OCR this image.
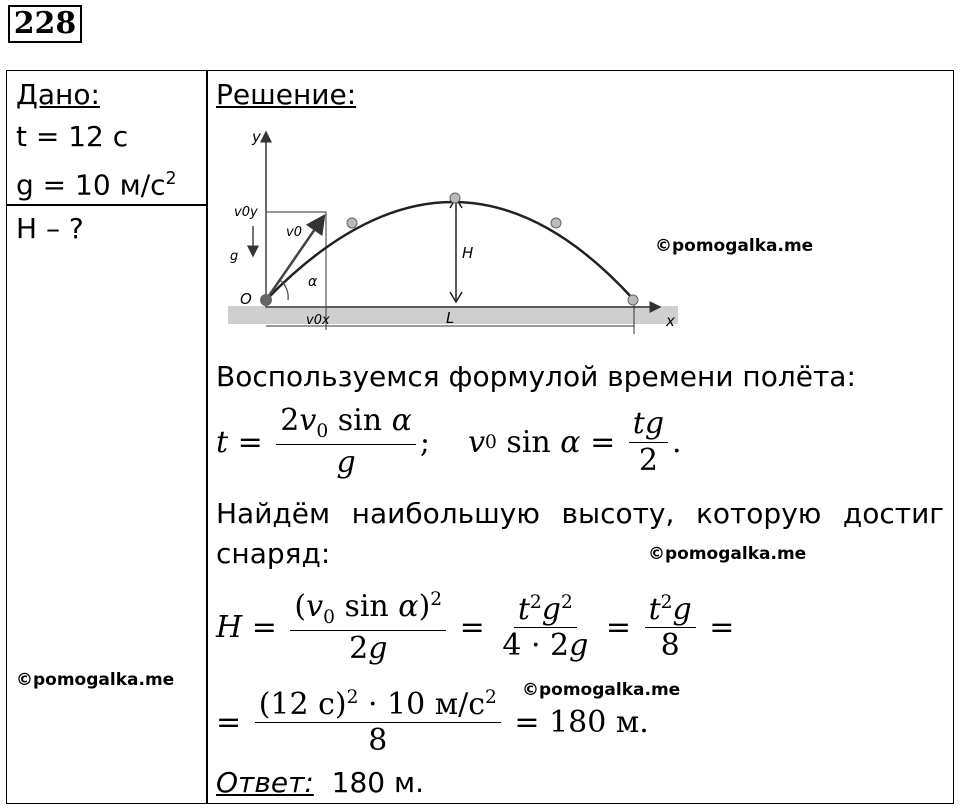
228
Дано:
t = 12 с
g = 10 $м/с^2$
H – ?
Решение:
y
x
O
v0y
v0
g
α
H
v0x	L
©pomogalka.me
Воспользуемся формулой времени полёта:
$t = \frac{2v_0 \sin \alpha}{g}$ ; v 0 $\sin \alpha = \frac{tg}{2}$ .
Найдём наибольшую высоту, которую достиг снаряд:	©pomogalka.me
$H = \frac{(v_0 \sin \alpha)^2}{2g} = \frac{t^2g^2}{4 \cdot 2g} = \frac{t^2g}{8}$ =
= $\frac{(12 с)^2 \cdot 10 м/с^2}{8} = 180$ м.
©pomogalka.me
Ответ: 180 м.
©pomogalka.me
